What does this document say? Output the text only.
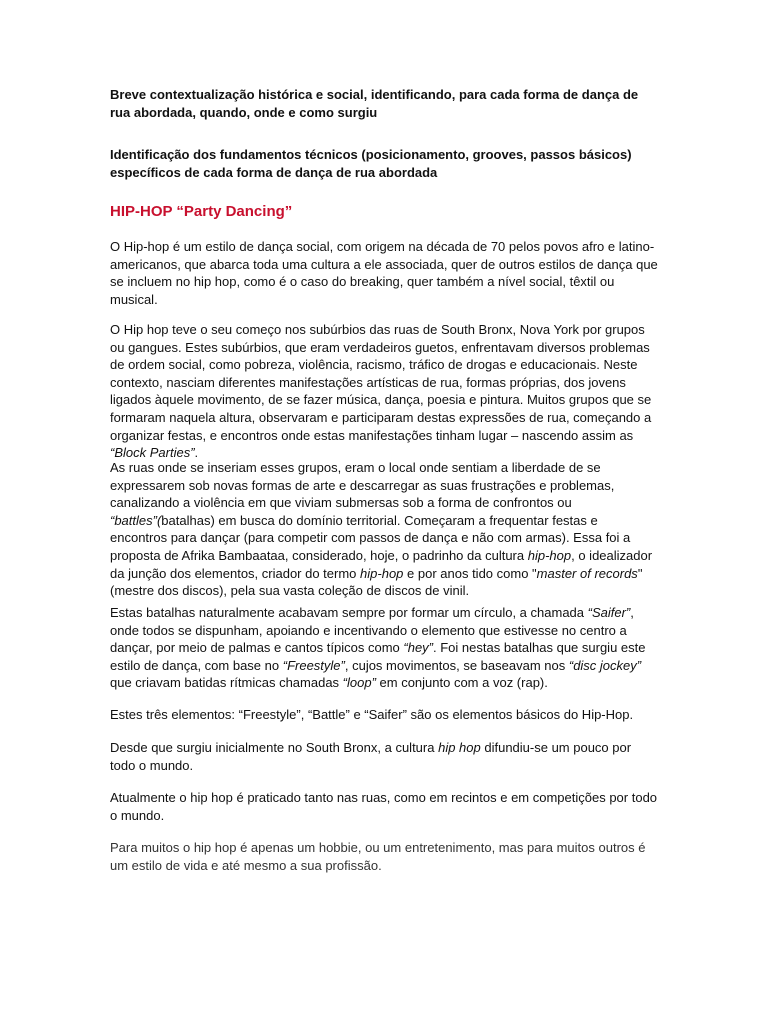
Breve contextualização histórica e social, identificando, para cada forma de dança de rua abordada, quando, onde e como surgiu

Identificação dos fundamentos técnicos (posicionamento, grooves, passos básicos) específicos de cada forma de dança de rua abordada

HIP-HOP “Party Dancing”

O Hip-hop é um estilo de dança social, com origem na década de 70 pelos povos afro e latino-americanos, que abarca toda uma cultura a ele associada, quer de outros estilos de dança que se incluem no hip hop, como é o caso do breaking, quer também a nível social, têxtil ou musical.

O Hip hop teve o seu começo nos subúrbios das ruas de South Bronx, Nova York por grupos ou gangues. Estes subúrbios, que eram verdadeiros guetos, enfrentavam diversos problemas de ordem social, como pobreza, violência, racismo, tráfico de drogas e educacionais. Neste contexto, nasciam diferentes manifestações artísticas de rua, formas próprias, dos jovens ligados àquele movimento, de se fazer música, dança, poesia e pintura. Muitos grupos que se formaram naquela altura, observaram e participaram destas expressões de rua, começando a organizar festas, e encontros onde estas manifestações tinham lugar – nascendo assim as “Block Parties”.

As ruas onde se inseriam esses grupos, eram o local onde sentiam a liberdade de se expressarem sob novas formas de arte e descarregar as suas frustrações e problemas, canalizando a violência em que viviam submersas sob a forma de confrontos ou “battles”(batalhas) em busca do domínio territorial. Começaram a frequentar festas e encontros para dançar (para competir com passos de dança e não com armas). Essa foi a proposta de Afrika Bambaataa, considerado, hoje, o padrinho da cultura hip-hop, o idealizador da junção dos elementos, criador do termo hip-hop e por anos tido como "master of records" (mestre dos discos), pela sua vasta coleção de discos de vinil.

Estas batalhas naturalmente acabavam sempre por formar um círculo, a chamada “Saifer”, onde todos se dispunham, apoiando e incentivando o elemento que estivesse no centro a dançar, por meio de palmas e cantos típicos como “hey”. Foi nestas batalhas que surgiu este estilo de dança, com base no “Freestyle”, cujos movimentos, se baseavam nos “disc jockey” que criavam batidas rítmicas chamadas “loop” em conjunto com a voz (rap).

Estes três elementos: “Freestyle”, “Battle” e “Saifer” são os elementos básicos do Hip-Hop.

Desde que surgiu inicialmente no South Bronx, a cultura hip hop difundiu-se um pouco por todo o mundo.

Atualmente o hip hop é praticado tanto nas ruas, como em recintos e em competições por todo o mundo.

Para muitos o hip hop é apenas um hobbie, ou um entretenimento, mas para muitos outros é um estilo de vida e até mesmo a sua profissão.
